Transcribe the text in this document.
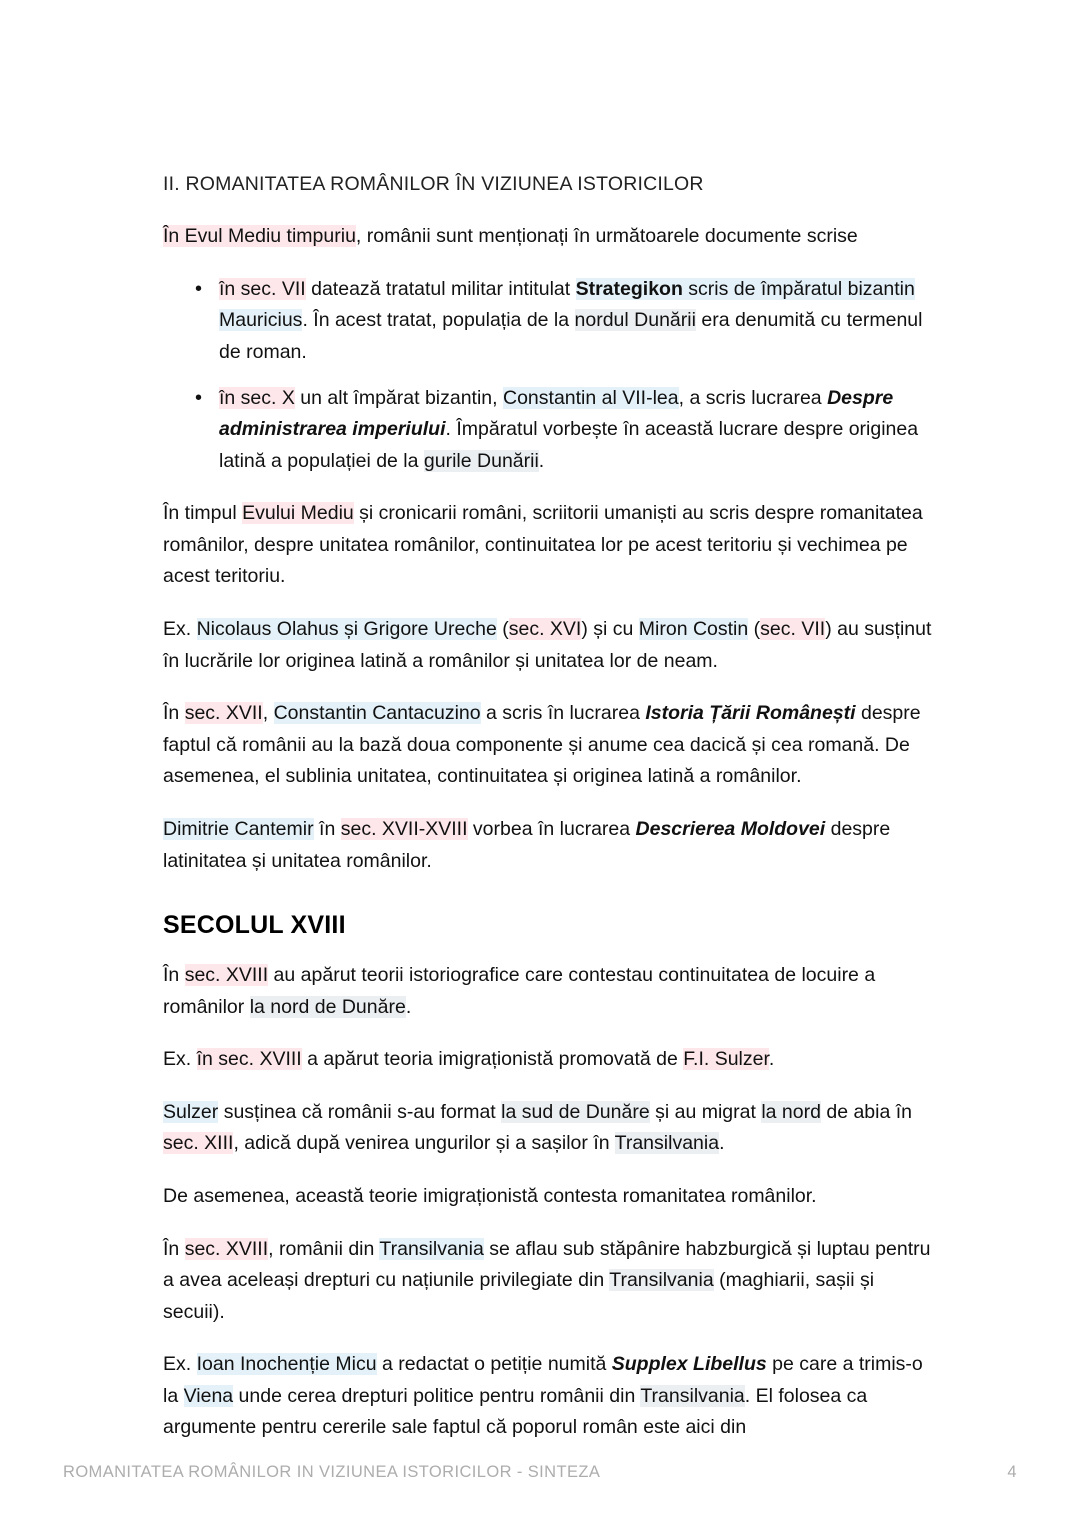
II. ROMANITATEA ROMÂNILOR ÎN VIZIUNEA ISTORICILOR

În Evul Mediu timpuriu, românii sunt menționați în următoarele documente scrise

• în sec. VII datează tratatul militar intitulat Strategikon scris de împăratul bizantin Mauricius. În acest tratat, populația de la nordul Dunării era denumită cu termenul de roman.
• în sec. X un alt împărat bizantin, Constantin al VII-lea, a scris lucrarea Despre administrarea imperiului. Împăratul vorbește în această lucrare despre originea latină a populației de la gurile Dunării.

În timpul Evului Mediu și cronicarii români, scriitorii umaniști au scris despre romanitatea românilor, despre unitatea românilor, continuitatea lor pe acest teritoriu și vechimea pe acest teritoriu.

Ex. Nicolaus Olahus și Grigore Ureche (sec. XVI) și cu Miron Costin (sec. VII) au susținut în lucrările lor originea latină a românilor și unitatea lor de neam.

În sec. XVII, Constantin Cantacuzino a scris în lucrarea Istoria Țării Românești despre faptul că românii au la bază doua componente și anume cea dacică și cea romană. De asemenea, el sublinia unitatea, continuitatea și originea latină a românilor.

Dimitrie Cantemir în sec. XVII-XVIII vorbea în lucrarea Descrierea Moldovei despre latinitatea și unitatea românilor.

SECOLUL XVIII

În sec. XVIII au apărut teorii istoriografice care contestau continuitatea de locuire a românilor la nord de Dunăre.

Ex. în sec. XVIII a apărut teoria imigraționistă promovată de F.I. Sulzer.

Sulzer susținea că românii s-au format la sud de Dunăre și au migrat la nord de abia în sec. XIII, adică după venirea ungurilor și a sașilor în Transilvania.

De asemenea, această teorie imigraționistă contesta romanitatea românilor.

În sec. XVIII, românii din Transilvania se aflau sub stăpânire habzburgică și luptau pentru a avea aceleași drepturi cu națiunile privilegiate din Transilvania (maghiarii, sașii și secuii).

Ex. Ioan Inochenție Micu a redactat o petiție numită Supplex Libellus pe care a trimis-o la Viena unde cerea drepturi politice pentru românii din Transilvania. El folosea ca argumente pentru cererile sale faptul că poporul român este aici din

ROMANITATEA ROMÂNILOR IN VIZIUNEA ISTORICILOR - SINTEZA	4
